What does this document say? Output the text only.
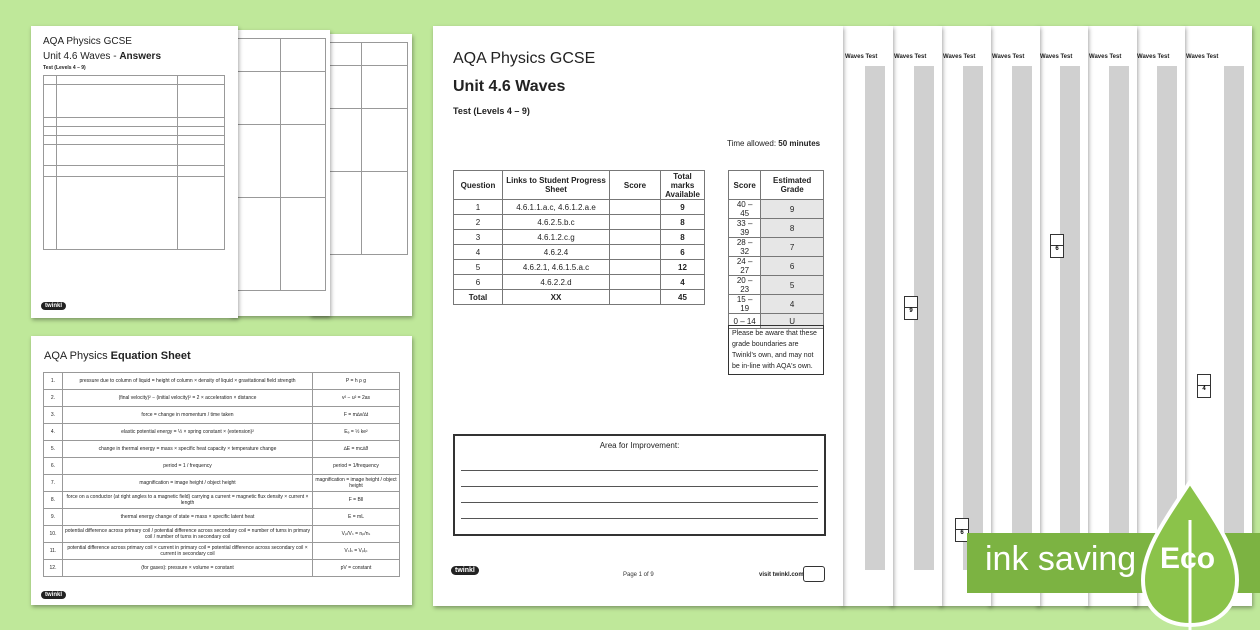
AQA Physics GCSE
Unit 4.6 Waves - Answers
Test (Levels 4 – 9)

twinkl
AQA Physics Equation Sheet
1.	pressure due to column of liquid = height of column × density of liquid × gravitational field strength	P = h ρ g
2.	(final velocity)² − (initial velocity)² = 2 × acceleration × distance	v² − u² = 2as
3.	force = change in momentum / time taken	F = m∆v/∆t
4.	elastic potential energy = ½ × spring constant × (extension)²	Eₑ = ½ ke²
5.	change in thermal energy = mass × specific heat capacity × temperature change	∆E = mc∆θ
6.	period = 1 / frequency	period = 1/frequency
7.	magnification = image height / object height	magnification = image height / object height
8.	force on a conductor (at right angles to a magnetic field) carrying a current = magnetic flux density × current × length	F = BIl
9.	thermal energy change of state = mass × specific latent heat	E = mL
10.	potential difference across primary coil / potential difference across secondary coil = number of turns in primary coil / number of turns in secondary coil	Vₚ/Vₛ = nₚ/nₛ
11.	potential difference across primary coil × current in primary coil = potential difference across secondary coil × current in secondary coil	VₛIₛ = VₚIₚ
12.	(for gases): pressure × volume = constant	pV = constant
twinkl
Waves Test
4
Waves Test
Waves Test
Waves Test
6
Waves Test
Waves Test
6
Waves Test
9
Waves Test
AQA Physics GCSE
Unit 4.6 Waves
Test (Levels 4 – 9)
Time allowed: 50 minutes
Question	Links to Student Progress Sheet	Score	Total marks Available
1	4.6.1.1.a.c, 4.6.1.2.a.e		9
2	4.6.2.5.b.c		8
3	4.6.1.2.c.g		8
4	4.6.2.4		6
5	4.6.2.1, 4.6.1.5.a.c		12
6	4.6.2.2.d		4
Total	XX		45
Score	Estimated Grade
40 – 45	9
33 – 39	8
28 – 32	7
24 – 27	6
20 – 23	5
15 – 19	4
0 – 14	U
Please be aware that these grade boundaries are Twinkl's own, and may not be in-line with AQA's own.
Area for Improvement:
twinkl
Page 1 of 9	visit twinkl.com	ink saving Eco
